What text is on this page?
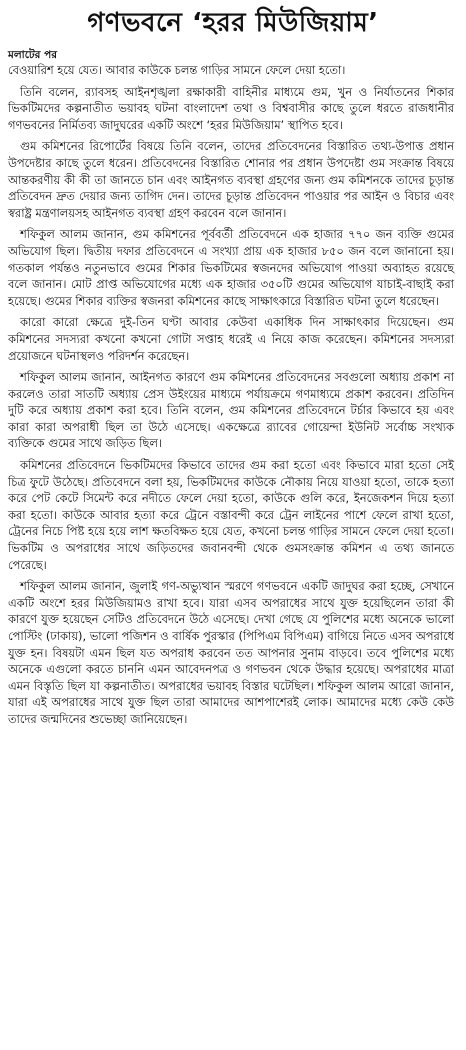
গণভবনে ‘হরর মিউজিয়াম’
মলাটের পর

বেওয়ারিশ হয়ে যেত। আবার কাউকে চলন্ত গাড়ির সামনে ফেলে দেয়া হতো।

তিনি বলেন, র‌্যাবসহ আইনশৃঙ্খলা রক্ষাকারী বাহিনীর মাধ্যমে গুম, খুন ও নির্যাতনের শিকার ভিকটিমদের কল্পনাতীত ভয়াবহ ঘটনা বাংলাদেশ তথা ও বিশ্ববাসীর কাছে তুলে ধরতে রাজধানীর গণভবনের নির্মিতব্য জাদুঘরের একটি অংশে ‘হরর মিউজিয়াম’ স্থাপিত হবে।

গুম কমিশনের রিপোর্টের বিষয়ে তিনি বলেন, তাদের প্রতিবেদনের বিস্তারিত তথ্য-উপাত্ত প্রধান উপদেষ্টার কাছে তুলে ধরেন। প্রতিবেদনের বিস্তারিত শোনার পর প্রধান উপদেষ্টা গুম সংক্রান্ত বিষয়ে আন্তকরণীয় কী কী তা জানতে চান এবং আইনগত ব্যবস্থা গ্রহণের জন্য গুম কমিশনকে তাদের চূড়ান্ত প্রতিবেদন দ্রুত দেয়ার জন্য তাগিদ দেন। তাদের চূড়ান্ত প্রতিবেদন পাওয়ার পর আইন ও বিচার এবং স্বরাষ্ট্র মন্ত্রণালয়সহ আইনগত ব্যবস্থা গ্রহণ করবেন বলে জানান।

শফিকুল আলম জানান, গুম কমিশনের পূর্ববর্তী প্রতিবেদনে এক হাজার ৭৭০ জন ব্যক্তি গুমের অভিযোগ ছিল। দ্বিতীয় দফার প্রতিবেদনে এ সংখ্যা প্রায় এক হাজার ৮৫০ জন বলে জানানো হয়। গতকাল পর্যন্তও নতুনভাবে গুমের শিকার ভিকটিমের স্বজনদের অভিযোগ পাওয়া অব্যাহত রয়েছে বলে জানান। মোট প্রাপ্ত অভিযোগের মধ্যে এক হাজার ৩৫০টি গুমের অভিযোগ যাচাই-বাছাই করা হয়েছে। গুমের শিকার ব্যক্তির স্বজনরা কমিশনের কাছে সাক্ষাৎকারে বিস্তারিত ঘটনা তুলে ধরেছেন।

কারো কারো ক্ষেত্রে দুই-তিন ঘণ্টা আবার কেউবা একাধিক দিন সাক্ষাৎকার দিয়েছেন। গুম কমিশনের সদস্যরা কখনো কখনো গোটা সপ্তাহ ধরেই এ নিয়ে কাজ করেছেন। কমিশনের সদস্যরা প্রয়োজনে ঘটনাস্থলও পরিদর্শন করেছেন।

শফিকুল আলম জানান, আইনগত কারণে গুম কমিশনের প্রতিবেদনের সবগুলো অধ্যায় প্রকাশ না করলেও তারা সাতটি অধ্যায় প্রেস উইংয়ের মাধ্যমে পর্যায়ক্রমে গণমাধ্যমে প্রকাশ করবেন। প্রতিদিন দুটি করে অধ্যায় প্রকাশ করা হবে। তিনি বলেন, গুম কমিশনের প্রতিবেদনে টর্চার কিভাবে হয় এবং কারা কারা অপরাধী ছিল তা উঠে এসেছে। একক্ষেত্রে র‌্যাবের গোয়েন্দা ইউনিট সর্বোচ্চ সংখ্যক ব্যক্তিকে গুমের সাথে জড়িত ছিল।

কমিশনের প্রতিবেদনে ভিকটিমদের কিভাবে তাদের গুম করা হতো এবং কিভাবে মারা হতো সেই চিত্র ফুটে উঠেছে। প্রতিবেদনে বলা হয়, ভিকটিমদের কাউকে নৌকায় নিয়ে যাওয়া হতো, তাকে হত্যা করে পেট কেটে সিমেন্ট করে নদীতে ফেলে দেয়া হতো, কাউকে গুলি করে, ইনজেকশন দিয়ে হত্যা করা হতো। কাউকে আবার হত্যা করে ট্রেনে বস্তাবন্দী করে ট্রেন লাইনের পাশে ফেলে রাখা হতো, ট্রেনের নিচে পিষ্ট হয়ে হয়ে লাশ ক্ষতবিক্ষত হয়ে যেত, কখনো চলন্ত গাড়ির সামনে ফেলে দেয়া হতো। ভিকটিম ও অপরাধের সাথে জড়িতদের জবানবন্দী থেকে গুমসংক্রান্ত কমিশন এ তথ্য জানতে পেরেছে।

শফিকুল আলম জানান, জুলাই গণ-অভ্যুত্থান স্মরণে গণভবনে একটি জাদুঘর করা হচ্ছে, সেখানে একটি অংশে হরর মিউজিয়ামও রাখা হবে। যারা এসব অপরাধের সাথে যুক্ত হয়েছিলেন তারা কী কারণে যুক্ত হয়েছেন সেটিও প্রতিবেদনে উঠে এসেছে। দেখা গেছে যে পুলিশের মধ্যে অনেকে ভালো পোস্টিং (ঢাকায়), ভালো পজিশন ও বার্ষিক পুরস্কার (পিপিএম বিপিএম) বাগিয়ে নিতে এসব অপরাধে যুক্ত হন। বিষয়টা এমন ছিল যত অপরাধ করবেন তত আপনার সুনাম বাড়বে। তবে পুলিশের মধ্যে অনেকে এগুলো করতে চাননি এমন আবেদনপত্র ও গণভবন থেকে উদ্ধার হয়েছে। অপরাধের মাত্রা এমন বিস্তৃতি ছিল যা কল্পনাতীত। অপরাধের ভয়াবহ বিস্তার ঘটেছিল। শফিকুল আলম আরো জানান, যারা এই অপরাধের সাথে যুক্ত ছিল তারা আমাদের আশপাশেরই লোক। আমাদের মধ্যে কেউ কেউ তাদের জন্মদিনের শুভেচ্ছা জানিয়েছেন।
